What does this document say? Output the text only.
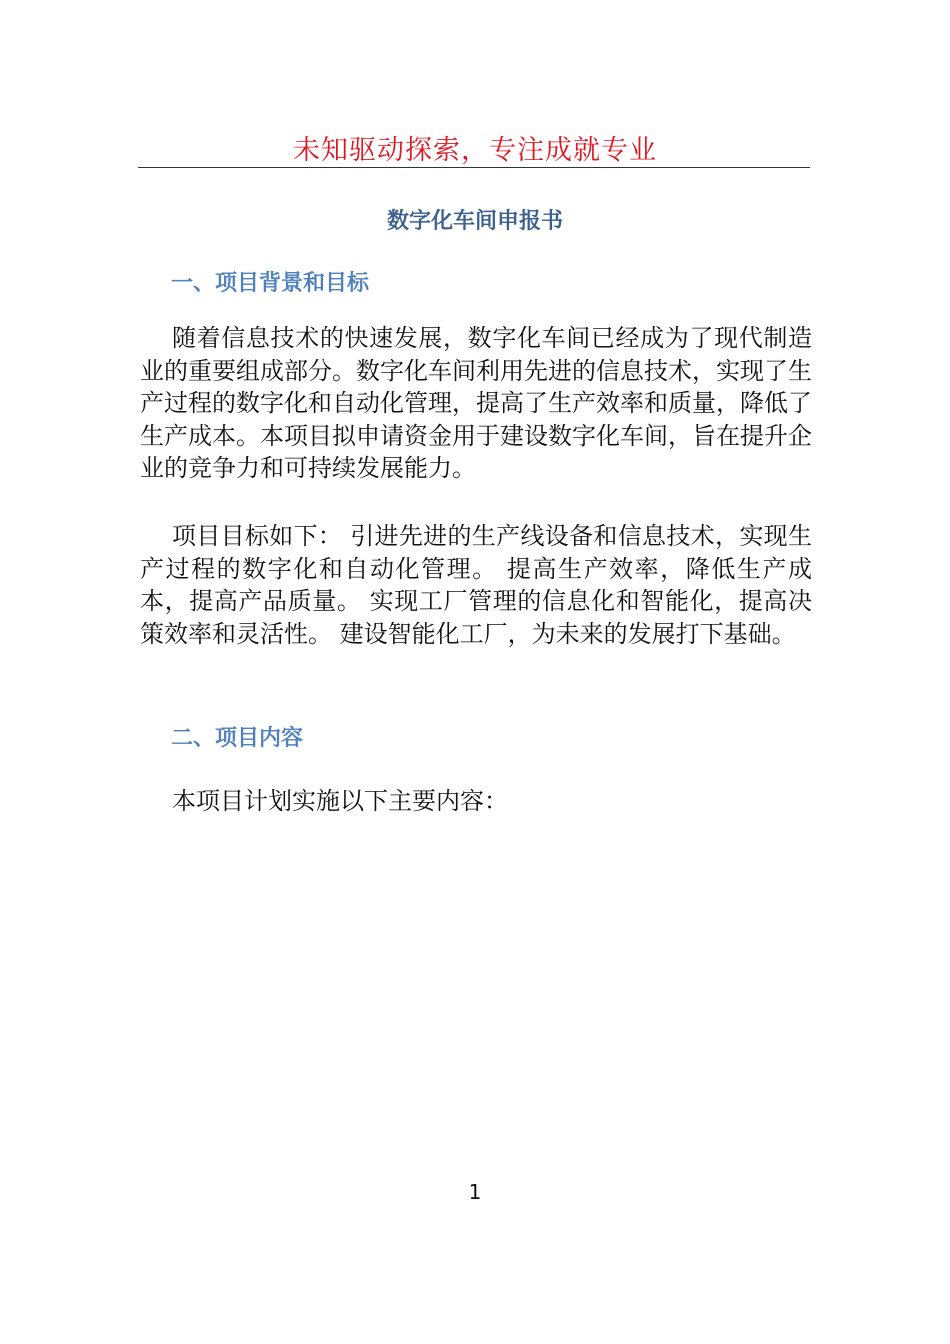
未知驱动探索，专注成就专业
数字化车间申报书
一、项目背景和目标

随着信息技术的快速发展，数字化车间已经成为了现代制造业的重要组成部分。数字化车间利用先进的信息技术，实现了生产过程的数字化和自动化管理，提高了生产效率和质量，降低了生产成本。本项目拟申请资金用于建设数字化车间，旨在提升企业的竞争力和可持续发展能力。

项目目标如下： 引进先进的生产线设备和信息技术，实现生产过程的数字化和自动化管理。 提高生产效率，降低生产成本，提高产品质量。 实现工厂管理的信息化和智能化，提高决策效率和灵活性。 建设智能化工厂，为未来的发展打下基础。

二、项目内容

本项目计划实施以下主要内容：

1
